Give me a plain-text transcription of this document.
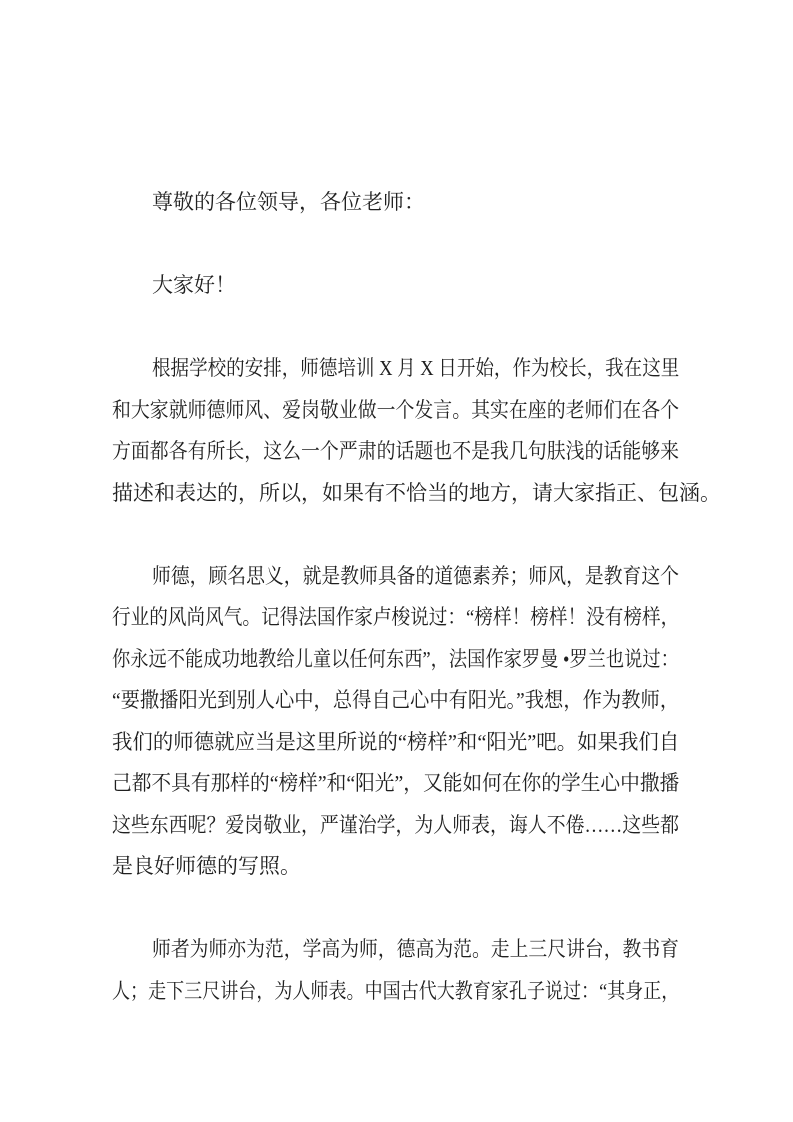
尊敬的各位领导，各位老师：
大家好！
根据学校的安排，师德培训 X 月 X 日开始，作为校长，我在这里
和大家就师德师风、爱岗敬业做一个发言。其实在座的老师们在各个
方面都各有所长，这么一个严肃的话题也不是我几句肤浅的话能够来
描述和表达的，所以，如果有不恰当的地方，请大家指正、包涵。
师德，顾名思义，就是教师具备的道德素养；师风，是教育这个
行业的风尚风气。记得法国作家卢梭说过：“榜样！榜样！没有榜样，
你永远不能成功地教给儿童以任何东西”，法国作家罗曼 •罗兰也说过：
“要撒播阳光到别人心中，总得自己心中有阳光。”我想，作为教师，
我们的师德就应当是这里所说的“榜样”和“阳光”吧。如果我们自
己都不具有那样的“榜样”和“阳光”，又能如何在你的学生心中撒播
这些东西呢？爱岗敬业，严谨治学，为人师表，诲人不倦……这些都
是良好师德的写照。
师者为师亦为范，学高为师，德高为范。走上三尺讲台，教书育
人；走下三尺讲台，为人师表。中国古代大教育家孔子说过：“其身正，
